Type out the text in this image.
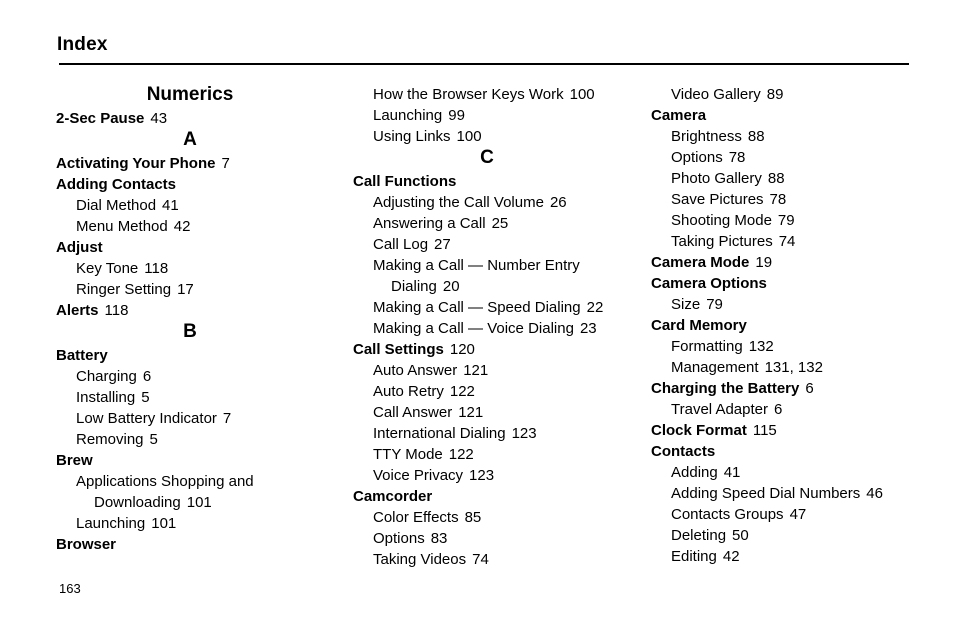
Index
Numerics
2-Sec Pause 43
A
Activating Your Phone 7
Adding Contacts
Dial Method 41
Menu Method 42
Adjust
Key Tone 118
Ringer Setting 17
Alerts 118
B
Battery
Charging 6
Installing 5
Low Battery Indicator 7
Removing 5
Brew
Applications Shopping and
Downloading 101
Launching 101
Browser
How the Browser Keys Work 100
Launching 99
Using Links 100
C
Call Functions
Adjusting the Call Volume 26
Answering a Call 25
Call Log 27
Making a Call — Number Entry
Dialing 20
Making a Call — Speed Dialing 22
Making a Call — Voice Dialing 23
Call Settings 120
Auto Answer 121
Auto Retry 122
Call Answer 121
International Dialing 123
TTY Mode 122
Voice Privacy 123
Camcorder
Color Effects 85
Options 83
Taking Videos 74
Video Gallery 89
Camera
Brightness 88
Options 78
Photo Gallery 88
Save Pictures 78
Shooting Mode 79
Taking Pictures 74
Camera Mode 19
Camera Options
Size 79
Card Memory
Formatting 132
Management 131, 132
Charging the Battery 6
Travel Adapter 6
Clock Format 115
Contacts
Adding 41
Adding Speed Dial Numbers 46
Contacts Groups 47
Deleting 50
Editing 42
163
